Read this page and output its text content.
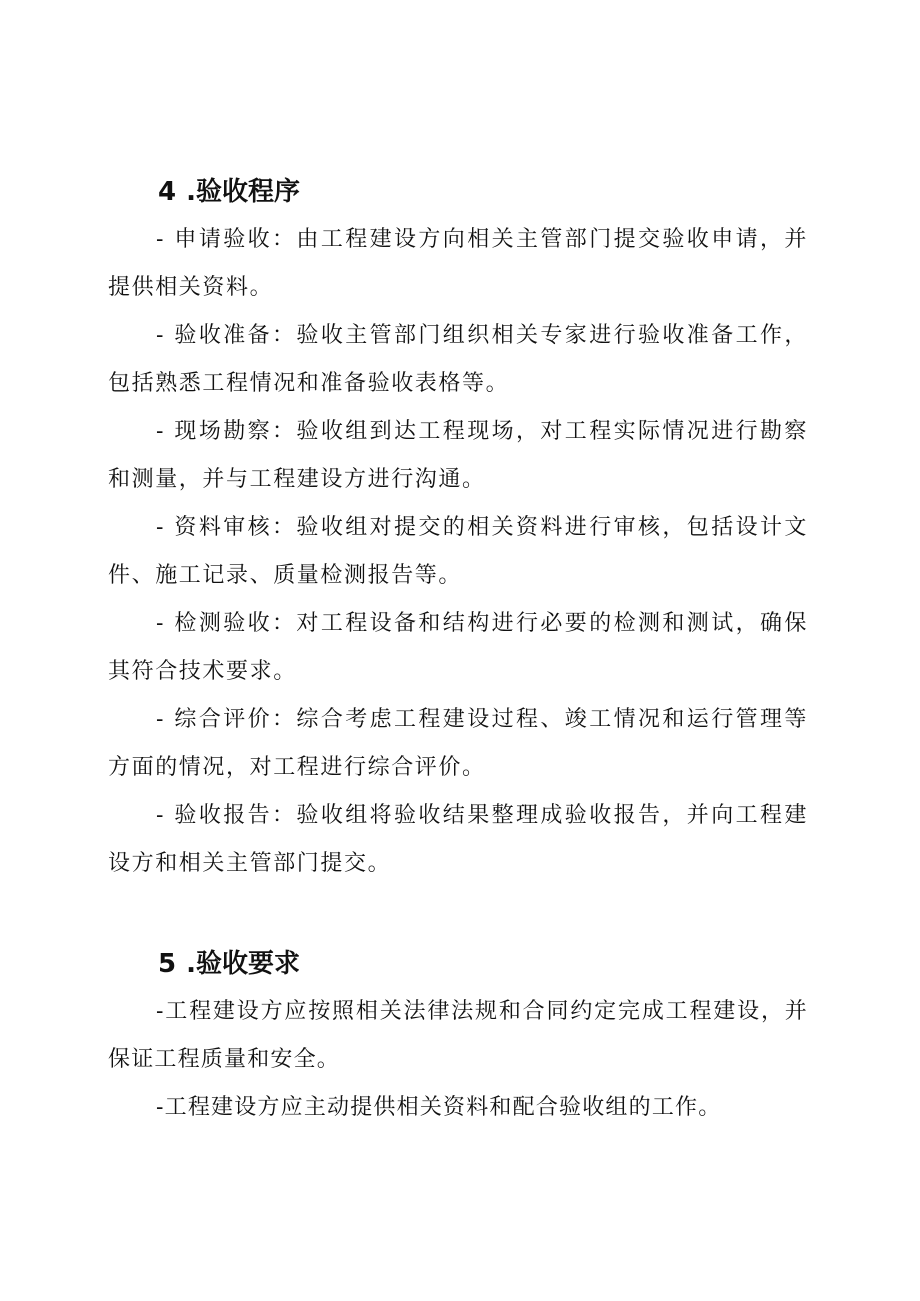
4 .验收程序

- 申请验收：由工程建设方向相关主管部门提交验收申请，并提供相关资料。

- 验收准备：验收主管部门组织相关专家进行验收准备工作，包括熟悉工程情况和准备验收表格等。

- 现场勘察：验收组到达工程现场，对工程实际情况进行勘察和测量，并与工程建设方进行沟通。

- 资料审核：验收组对提交的相关资料进行审核，包括设计文件、施工记录、质量检测报告等。

- 检测验收：对工程设备和结构进行必要的检测和测试，确保其符合技术要求。

- 综合评价：综合考虑工程建设过程、竣工情况和运行管理等方面的情况，对工程进行综合评价。

- 验收报告：验收组将验收结果整理成验收报告，并向工程建设方和相关主管部门提交。

5 .验收要求

-工程建设方应按照相关法律法规和合同约定完成工程建设，并保证工程质量和安全。

-工程建设方应主动提供相关资料和配合验收组的工作。
